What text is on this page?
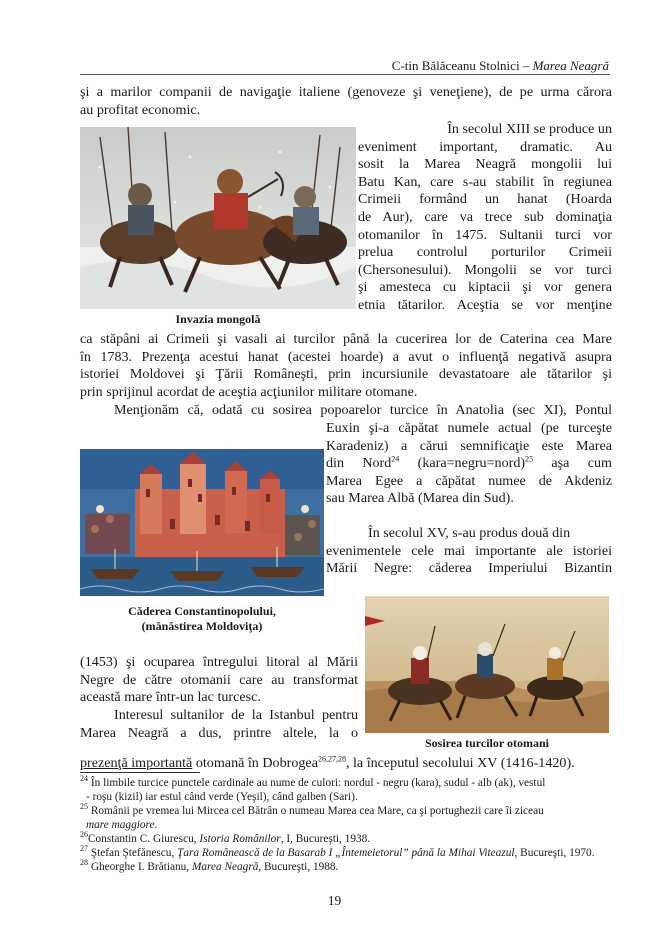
C-tin Bălăceanu Stolnici – Marea Neagră
şi a marilor companii de navigaţie italiene (genoveze şi veneţiene), de pe urma cărora
au profitat economic.
Invazia mongolă
În secolul XIII se produce un
eveniment important, dramatic. Au
sosit la Marea Neagră mongolii lui
Batu Kan, care s-au stabilit în regiunea
Crimeii formând un hanat (Hoarda
de Aur), care va trece sub dominaţia
otomanilor în 1475. Sultanii turci vor
prelua controlul porturilor Crimeii
(Chersonesului). Mongolii se vor turci
şi amesteca cu kiptacii şi vor genera
etnia tătarilor. Aceştia se vor menţine
ca stăpâni ai Crimeii şi vasali ai turcilor până la cucerirea lor de Caterina cea Mare
în 1783. Prezenţa acestui hanat (acestei hoarde) a avut o influenţă negativă asupra
istoriei Moldovei şi Ţării Româneşti, prin incursiunile devastatoare ale tătarilor şi
prin sprijinul acordat de aceştia acţiunilor militare otomane.
Menţionăm că, odată cu sosirea popoarelor turcice în Anatolia (sec XI), Pontul
Euxin şi-a căpătat numele actual (pe turceşte
Karadeniz) a cărui semnificaţie este Marea
din Nord$^{24}$ (kara=negru=nord)$^{25}$ aşa cum
Marea Egee a căpătat numee de Akdeniz
sau Marea Albă (Marea din Sud).
Căderea Constantinopolului,
(mănăstirea Moldoviţa)
În secolul XV, s-au produs două din
evenimentele cele mai importante ale istoriei
Mării Negre: căderea Imperiului Bizantin
Sosirea turcilor otomani
(1453) şi ocuparea întregului litoral al Mării
Negre de către otomanii care au transformat
această mare într-un lac turcesc.
Interesul sultanilor de la Istanbul pentru
Marea Neagră a dus, printre altele, la o
prezenţă importantă otomană în Dobrogea$^{26,27,28}$, la începutul secolului XV (1416-1420).
$^{24}$ În limbile turcice punctele cardinale au nume de culori: nordul - negru (kara), sudul - alb (ak), vestul
- roşu (kizil) iar estul când verde (Yeşil), când galben (Sari).
$^{25}$ Românii pe vremea lui Mircea cel Bătrân o numeau Marea cea Mare, ca şi portughezii care îi ziceau
mare maggiore.
$^{26}$Constantin C. Giurescu, Istoria Românilor, I, Bucureşti, 1938.
$^{27}$ Ştefan Ştefănescu, Ţara Românească de la Basarab I „Întemeietorul” până la Mihai Viteazul, Bucureşti, 1970.
$^{28}$ Gheorghe I. Brătianu, Marea Neagră, Bucureşti, 1988.
19
